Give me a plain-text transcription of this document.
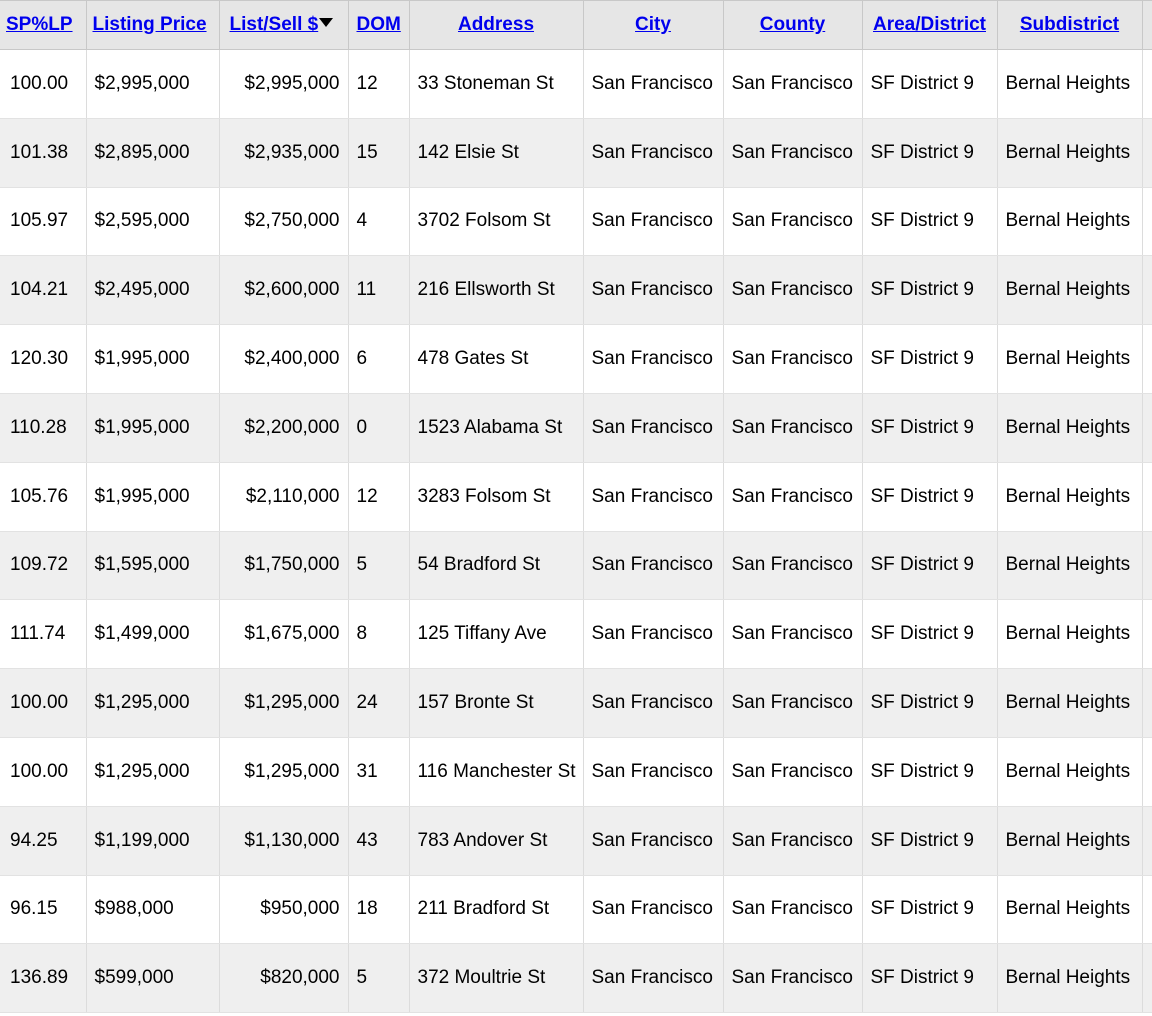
SP%LP	Listing Price	List/Sell $	DOM	Address	City	County	Area/District	Subdistrict	
100.00	$2,995,000	$2,995,000	12	33 Stoneman St	San Francisco	San Francisco	SF District 9	Bernal Heights	
101.38	$2,895,000	$2,935,000	15	142 Elsie St	San Francisco	San Francisco	SF District 9	Bernal Heights	
105.97	$2,595,000	$2,750,000	4	3702 Folsom St	San Francisco	San Francisco	SF District 9	Bernal Heights	
104.21	$2,495,000	$2,600,000	11	216 Ellsworth St	San Francisco	San Francisco	SF District 9	Bernal Heights	
120.30	$1,995,000	$2,400,000	6	478 Gates St	San Francisco	San Francisco	SF District 9	Bernal Heights	
110.28	$1,995,000	$2,200,000	0	1523 Alabama St	San Francisco	San Francisco	SF District 9	Bernal Heights	
105.76	$1,995,000	$2,110,000	12	3283 Folsom St	San Francisco	San Francisco	SF District 9	Bernal Heights	
109.72	$1,595,000	$1,750,000	5	54 Bradford St	San Francisco	San Francisco	SF District 9	Bernal Heights	
111.74	$1,499,000	$1,675,000	8	125 Tiffany Ave	San Francisco	San Francisco	SF District 9	Bernal Heights	
100.00	$1,295,000	$1,295,000	24	157 Bronte St	San Francisco	San Francisco	SF District 9	Bernal Heights	
100.00	$1,295,000	$1,295,000	31	116 Manchester St	San Francisco	San Francisco	SF District 9	Bernal Heights	
94.25	$1,199,000	$1,130,000	43	783 Andover St	San Francisco	San Francisco	SF District 9	Bernal Heights	
96.15	$988,000	$950,000	18	211 Bradford St	San Francisco	San Francisco	SF District 9	Bernal Heights	
136.89	$599,000	$820,000	5	372 Moultrie St	San Francisco	San Francisco	SF District 9	Bernal Heights	
